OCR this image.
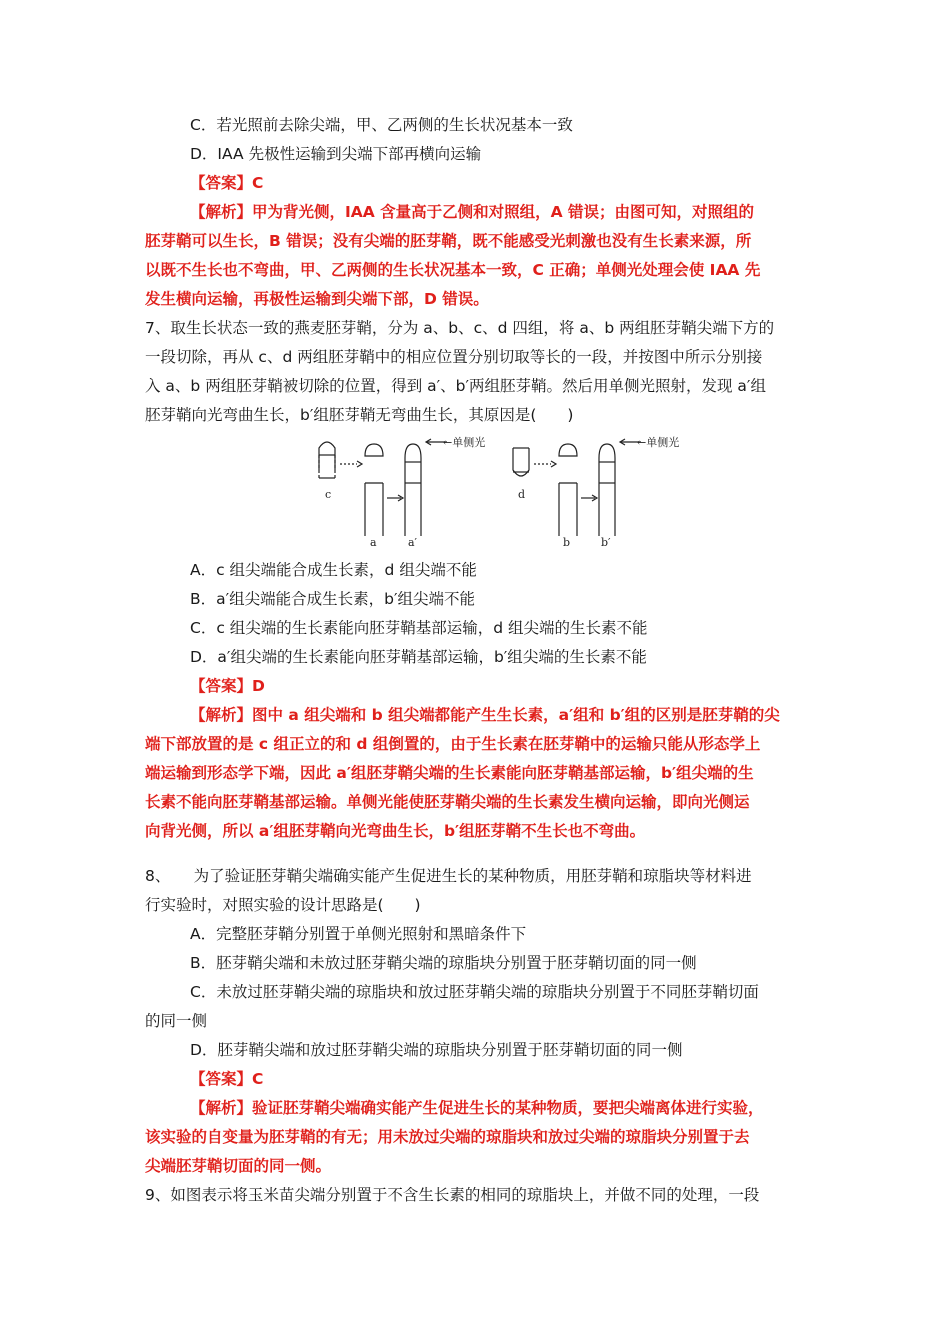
C．若光照前去除尖端，甲、乙两侧的生长状况基本一致
D．IAA 先极性运输到尖端下部再横向运输
【答案】C
【解析】甲为背光侧，IAA 含量高于乙侧和对照组，A 错误；由图可知，对照组的
胚芽鞘可以生长，B 错误；没有尖端的胚芽鞘，既不能感受光刺激也没有生长素来源，所
以既不生长也不弯曲，甲、乙两侧的生长状况基本一致，C 正确；单侧光处理会使 IAA 先
发生横向运输，再极性运输到尖端下部，D 错误。
7、取生长状态一致的燕麦胚芽鞘，分为 a、b、c、d 四组，将 a、b 两组胚芽鞘尖端下方的
一段切除，再从 c、d 两组胚芽鞘中的相应位置分别切取等长的一段，并按图中所示分别接
入 a、b 两组胚芽鞘被切除的位置，得到 a′、b′两组胚芽鞘。然后用单侧光照射，发现 a′组
胚芽鞘向光弯曲生长，b′组胚芽鞘无弯曲生长，其原因是(　　)
←单侧光	←单侧光
c
a	a′
d
b	b′
A．c 组尖端能合成生长素，d 组尖端不能
B．a′组尖端能合成生长素，b′组尖端不能
C．c 组尖端的生长素能向胚芽鞘基部运输，d 组尖端的生长素不能
D．a′组尖端的生长素能向胚芽鞘基部运输，b′组尖端的生长素不能
【答案】D
【解析】图中 a 组尖端和 b 组尖端都能产生生长素，a′组和 b′组的区别是胚芽鞘的尖
端下部放置的是 c 组正立的和 d 组倒置的，由于生长素在胚芽鞘中的运输只能从形态学上
端运输到形态学下端，因此 a′组胚芽鞘尖端的生长素能向胚芽鞘基部运输，b′组尖端的生
长素不能向胚芽鞘基部运输。单侧光能使胚芽鞘尖端的生长素发生横向运输，即向光侧运
向背光侧，所以 a′组胚芽鞘向光弯曲生长，b′组胚芽鞘不生长也不弯曲。
8、　　为了验证胚芽鞘尖端确实能产生促进生长的某种物质，用胚芽鞘和琼脂块等材料进
行实验时，对照实验的设计思路是(　　)
A．完整胚芽鞘分别置于单侧光照射和黑暗条件下
B．胚芽鞘尖端和未放过胚芽鞘尖端的琼脂块分别置于胚芽鞘切面的同一侧
C．未放过胚芽鞘尖端的琼脂块和放过胚芽鞘尖端的琼脂块分别置于不同胚芽鞘切面
的同一侧
D．胚芽鞘尖端和放过胚芽鞘尖端的琼脂块分别置于胚芽鞘切面的同一侧
【答案】C
【解析】验证胚芽鞘尖端确实能产生促进生长的某种物质，要把尖端离体进行实验，
该实验的自变量为胚芽鞘的有无；用未放过尖端的琼脂块和放过尖端的琼脂块分别置于去
尖端胚芽鞘切面的同一侧。
9、如图表示将玉米苗尖端分别置于不含生长素的相同的琼脂块上，并做不同的处理，一段
